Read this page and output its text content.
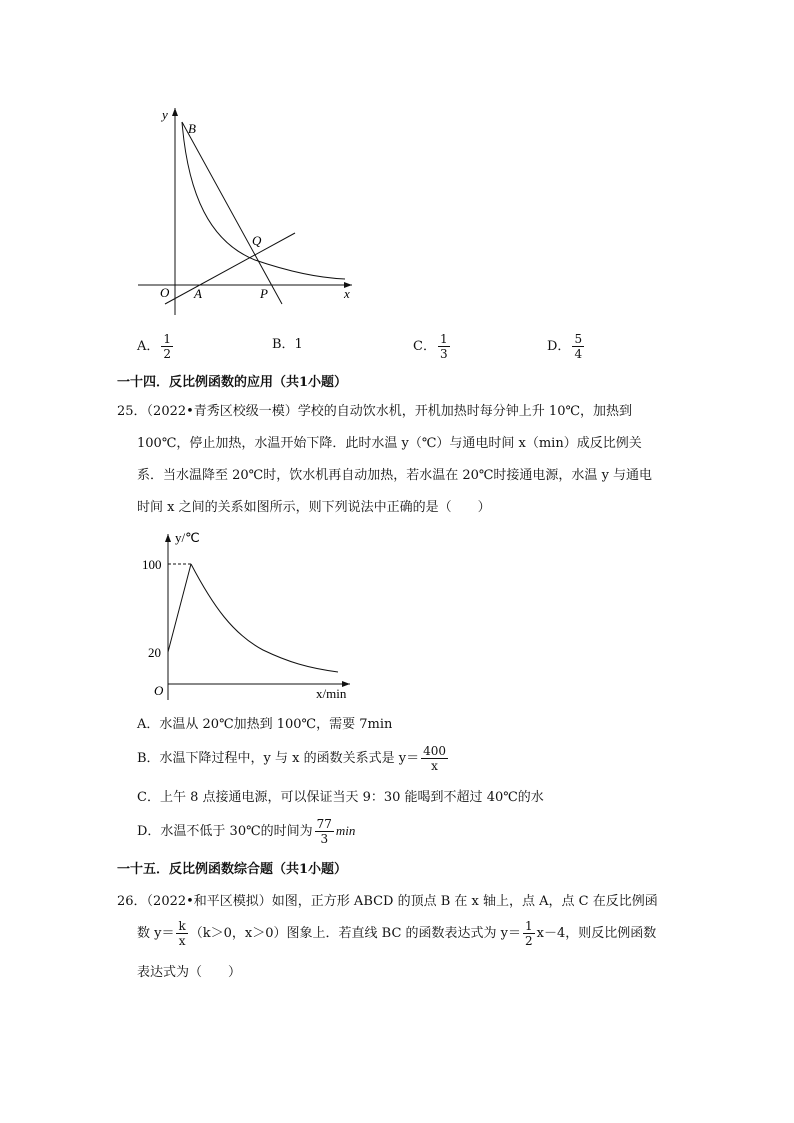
y
B
Q
O A	P	x
A． $\frac{1}{2}$	B．1	C． $\frac{1}{3}$	D． $\frac{5}{4}$
一十四．反比例函数的应用（共1小题）
25．（2022•青秀区校级一模）学校的自动饮水机，开机加热时每分钟上升 10℃，加热到
100℃，停止加热，水温开始下降．此时水温 y（℃）与通电时间 x（min）成反比例关
系．当水温降至 20℃时，饮水机再自动加热，若水温在 20℃时接通电源，水温 y 与通电
时间 x 之间的关系如图所示，则下列说法中正确的是（　　）
y/℃
100
20
O	x/min
A．水温从 20℃加热到 100℃，需要 7min
B．水温下降过程中，y 与 x 的函数关系式是 $y= \frac{400}{x}$
C．上午 8 点接通电源，可以保证当天 9：30 能喝到不超过 40℃的水
D．水温不低于 30℃的时间为 $\frac{77}{3}$ min
一十五．反比例函数综合题（共1小题）
26．（2022•和平区模拟）如图，正方形 ABCD 的顶点 B 在 x 轴上，点 A，点 C 在反比例函
数 $y= \frac{k}{x} (k>0$，x＞0）图象上．若直线 BC 的函数表达式为 $y= \frac{1}{2} x-4$，则反比例函数
表达式为（　　）
